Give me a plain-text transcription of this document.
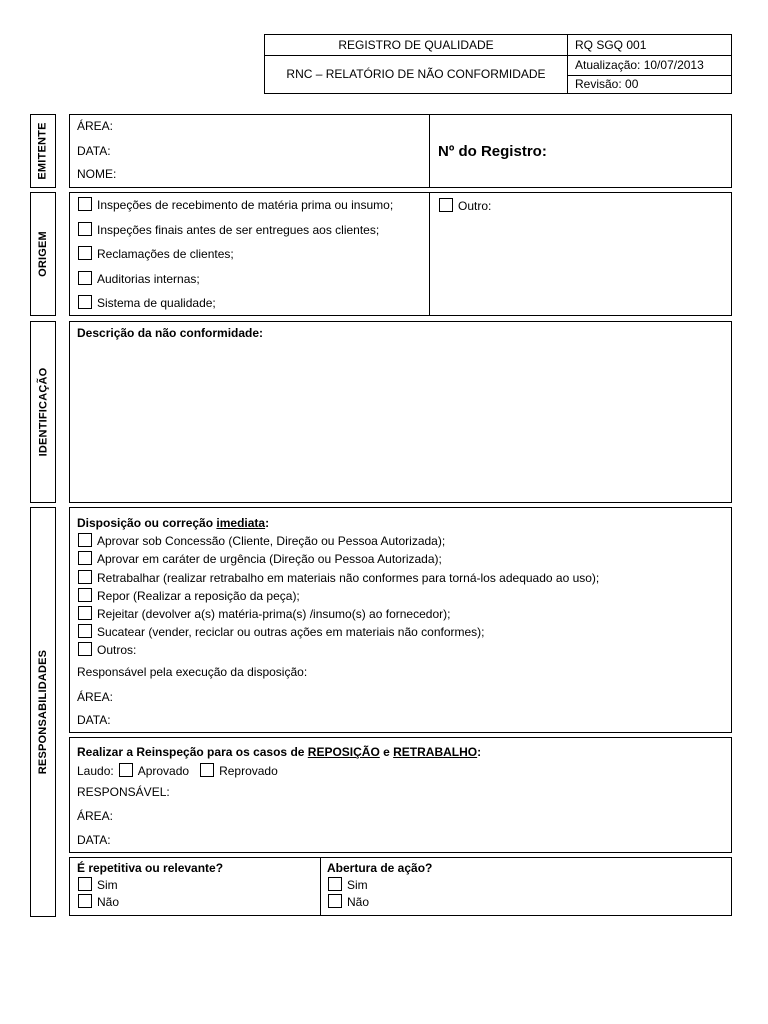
REGISTRO DE QUALIDADE
RNC – RELATÓRIO DE NÃO CONFORMIDADE
RQ SGQ 001
Atualização: 10/07/2013
Revisão: 00
EMITENTE
ORIGEM
IDENTIFICAÇÃO
RESPONSABILIDADES
ÁREA:
DATA:
NOME:
Nº do Registro:
Inspeções de recebimento de matéria prima ou insumo;
Inspeções finais antes de ser entregues aos clientes;
Reclamações de clientes;
Auditorias internas;
Sistema de qualidade;
Outro:
Descrição da não conformidade:
Disposição ou correção imediata:
Aprovar sob Concessão (Cliente, Direção ou Pessoa Autorizada);
Aprovar em caráter de urgência (Direção ou Pessoa Autorizada);
Retrabalhar (realizar retrabalho em materiais não conformes para torná-los adequado ao uso);
Repor (Realizar a reposição da peça);
Rejeitar (devolver a(s) matéria-prima(s) /insumo(s) ao fornecedor);
Sucatear (vender, reciclar ou outras ações em materiais não conformes);
Outros:
Responsável pela execução da disposição:
ÁREA:
DATA:
Realizar a Reinspeção para os casos de REPOSIÇÃO e RETRABALHO:
Laudo: Aprovado	Reprovado
RESPONSÁVEL:
ÁREA:
DATA:
É repetitiva ou relevante?
Sim
Não
Abertura de ação?
Sim
Não
